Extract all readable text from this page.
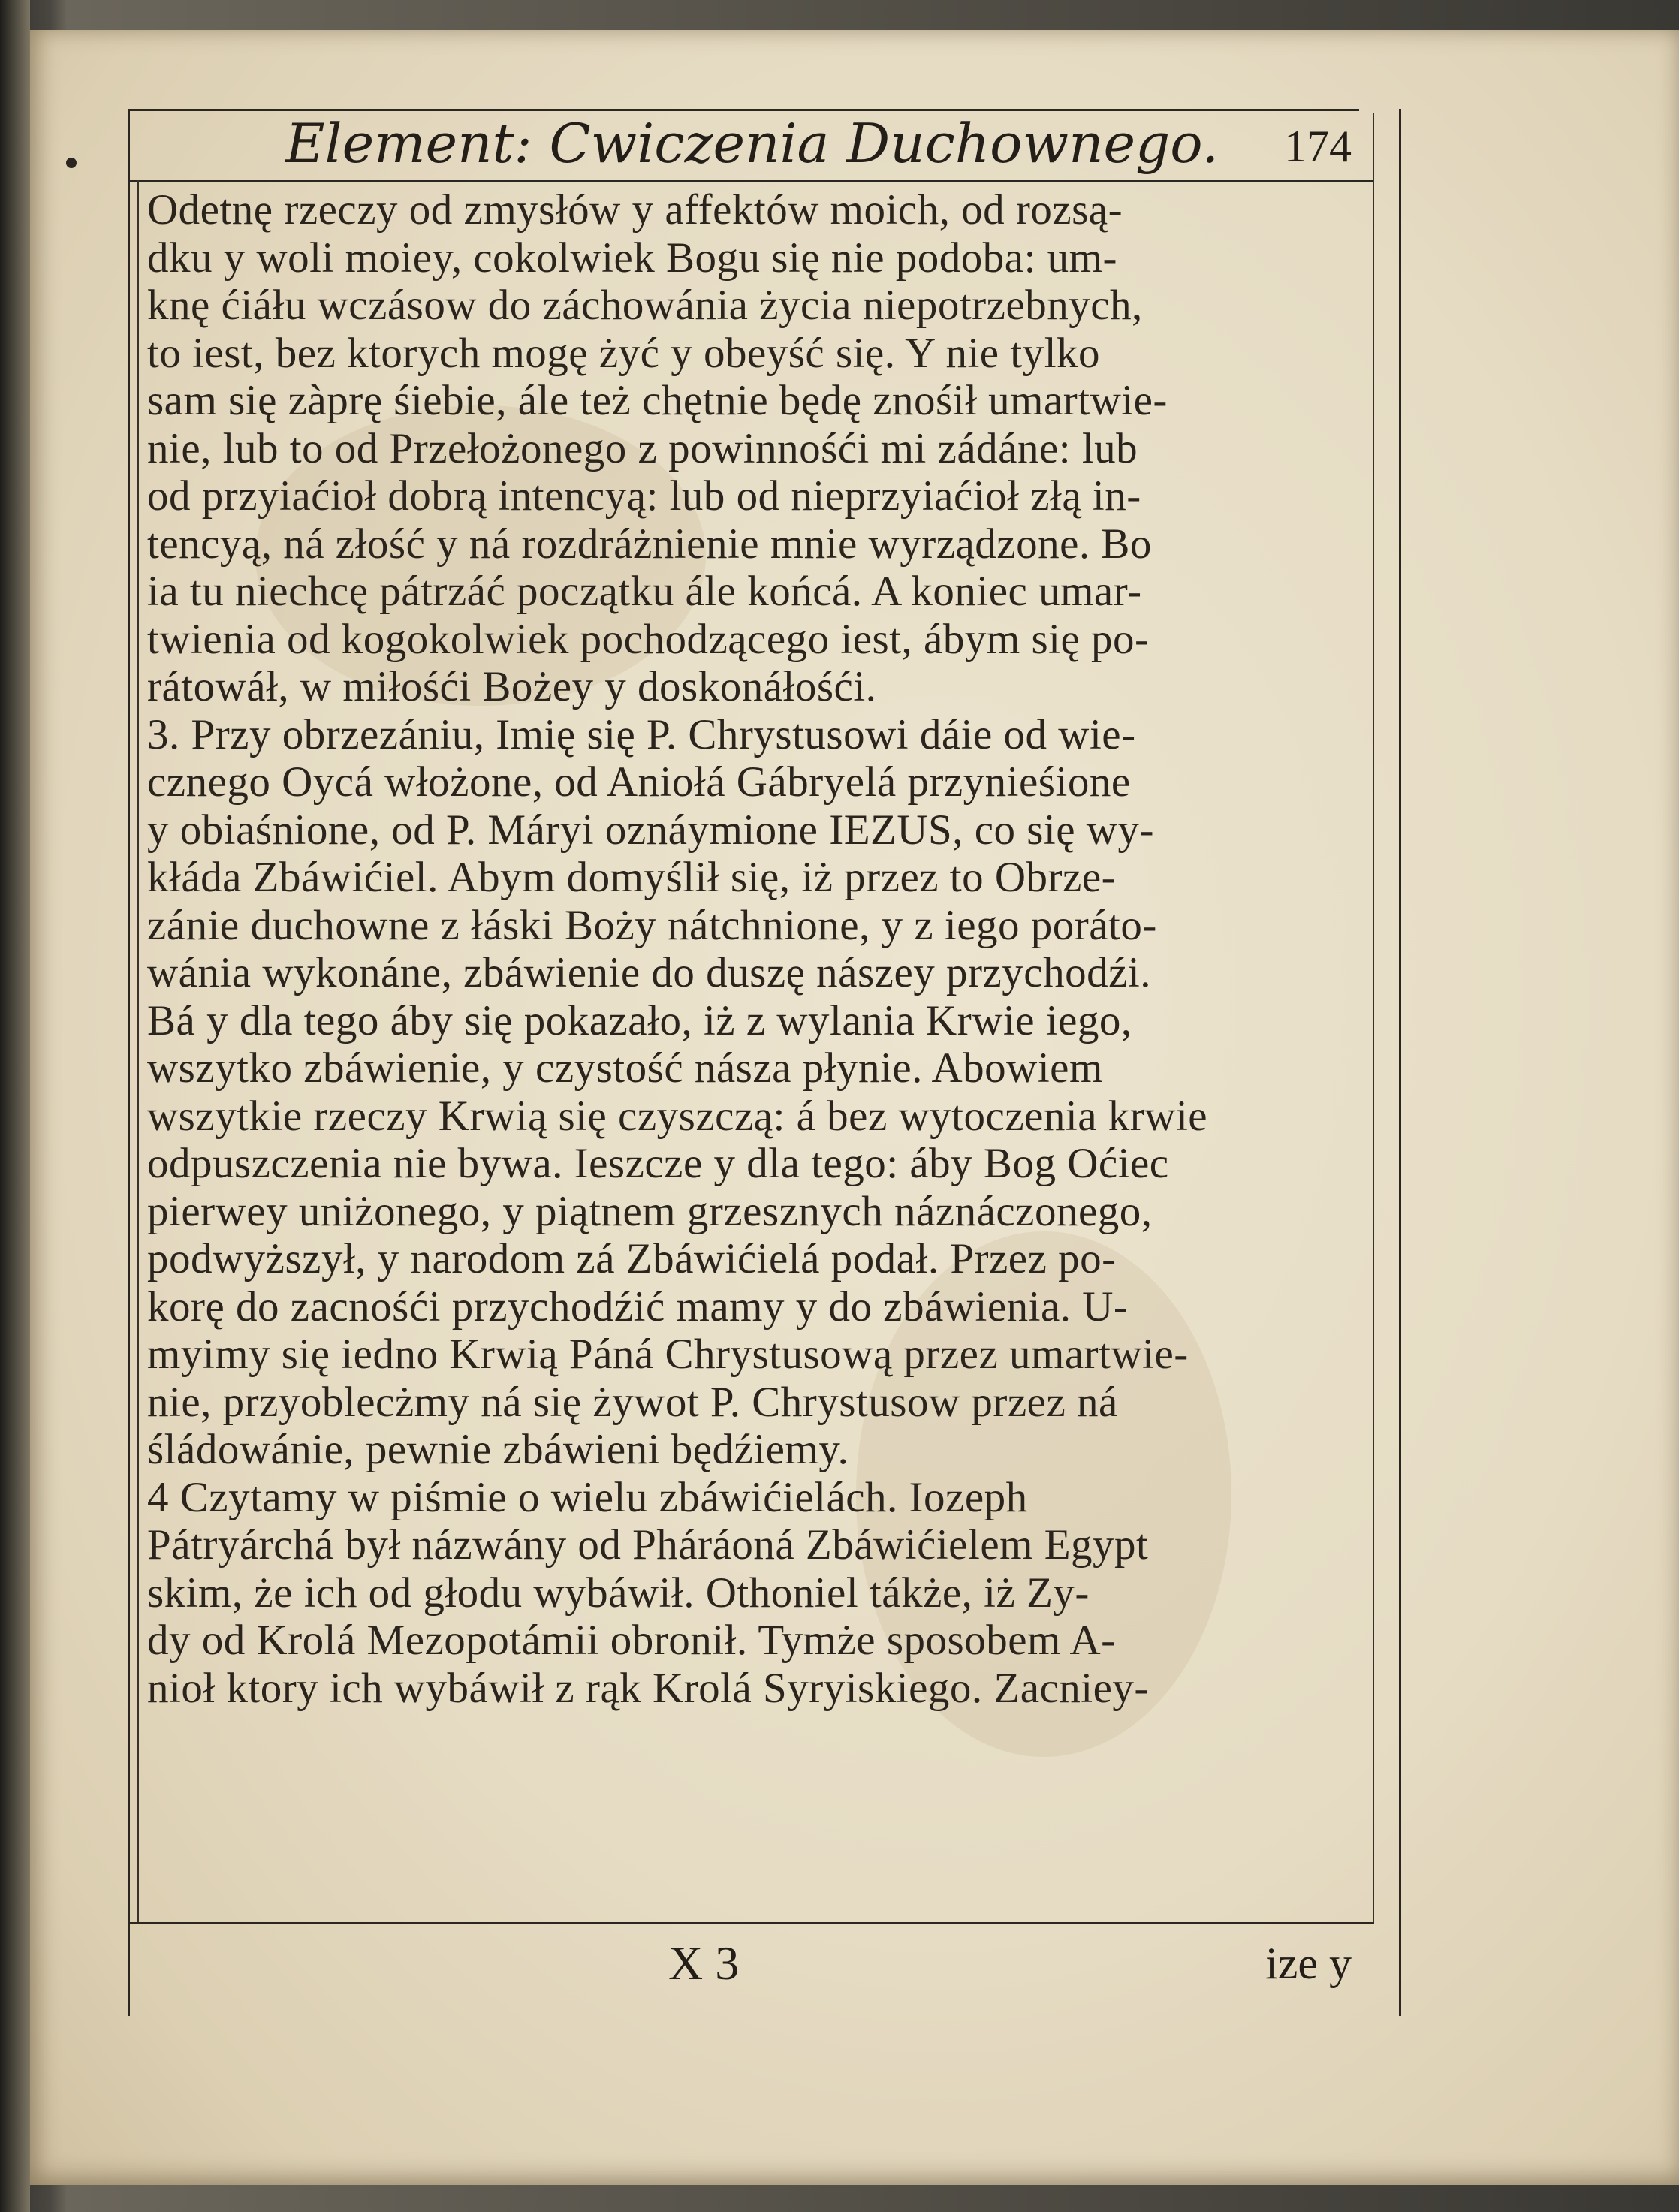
Element: Cwiczenia Duchownego.	174

Odetnę rzeczy od zmysłów y affektów moich, od rozsą-

dku y woli moiey, cokolwiek Bogu się nie podoba: um-

knę ćiáłu wczásow do záchowánia życia niepotrzebnych,

to iest, bez ktorych mogę żyć y obeyść się. Y nie tylko

sam się zàprę śiebie, ále też chętnie będę znośił umartwie-

nie, lub to od Przełożonego z powinnośći mi zádáne: lub

od przyiaćioł dobrą intencyą: lub od nieprzyiaćioł złą in-

tencyą, ná złość y ná rozdráżnienie mnie wyrządzone. Bo

ia tu niechcę pátrzáć początku ále końcá. A koniec umar-

twienia od kogokolwiek pochodzącego iest, ábym się po-

rátowáł, w miłośći Bożey y doskonáłośći.

3. Przy obrzezániu, Imię się P. Chrystusowi dáie od wie-

cznego Oycá włożone, od Aniołá Gábryelá przynieśione

y obiaśnione, od P. Máryi oznáymione IEZUS, co się wy-

kłáda Zbáwićiel. Abym domyślił się, iż przez to Obrze-

zánie duchowne z łáski Boży nátchnione, y z iego poráto-

wánia wykonáne, zbáwienie do duszę nászey przychodźi.

Bá y dla tego áby się pokazało, iż z wylania Krwie iego,

wszytko zbáwienie, y czystość násza płynie. Abowiem

wszytkie rzeczy Krwią się czyszczą: á bez wytoczenia krwie

odpuszczenia nie bywa. Ieszcze y dla tego: áby Bog Oćiec

pierwey uniżonego, y piątnem grzesznych náznáczonego,

podwyższył, y narodom zá Zbáwićielá podał. Przez po-

korę do zacnośći przychodźić mamy y do zbáwienia. U-

myimy się iedno Krwią Páná Chrystusową przez umartwie-

nie, przyoblecżmy ná się żywot P. Chrystusow przez ná

śládowánie, pewnie zbáwieni będźiemy.

4 Czytamy w piśmie o wielu zbáwićielách. Iozeph

Pátryárchá był názwány od Pháráoná Zbáwićielem Egypt

skim, że ich od głodu wybáwił. Othoniel tákże, iż Zy-

dy od Krolá Mezopotámii obronił. Tymże sposobem A-

nioł ktory ich wybáwił z rąk Krolá Syryiskiego. Zacniey-

X 3	ize y
